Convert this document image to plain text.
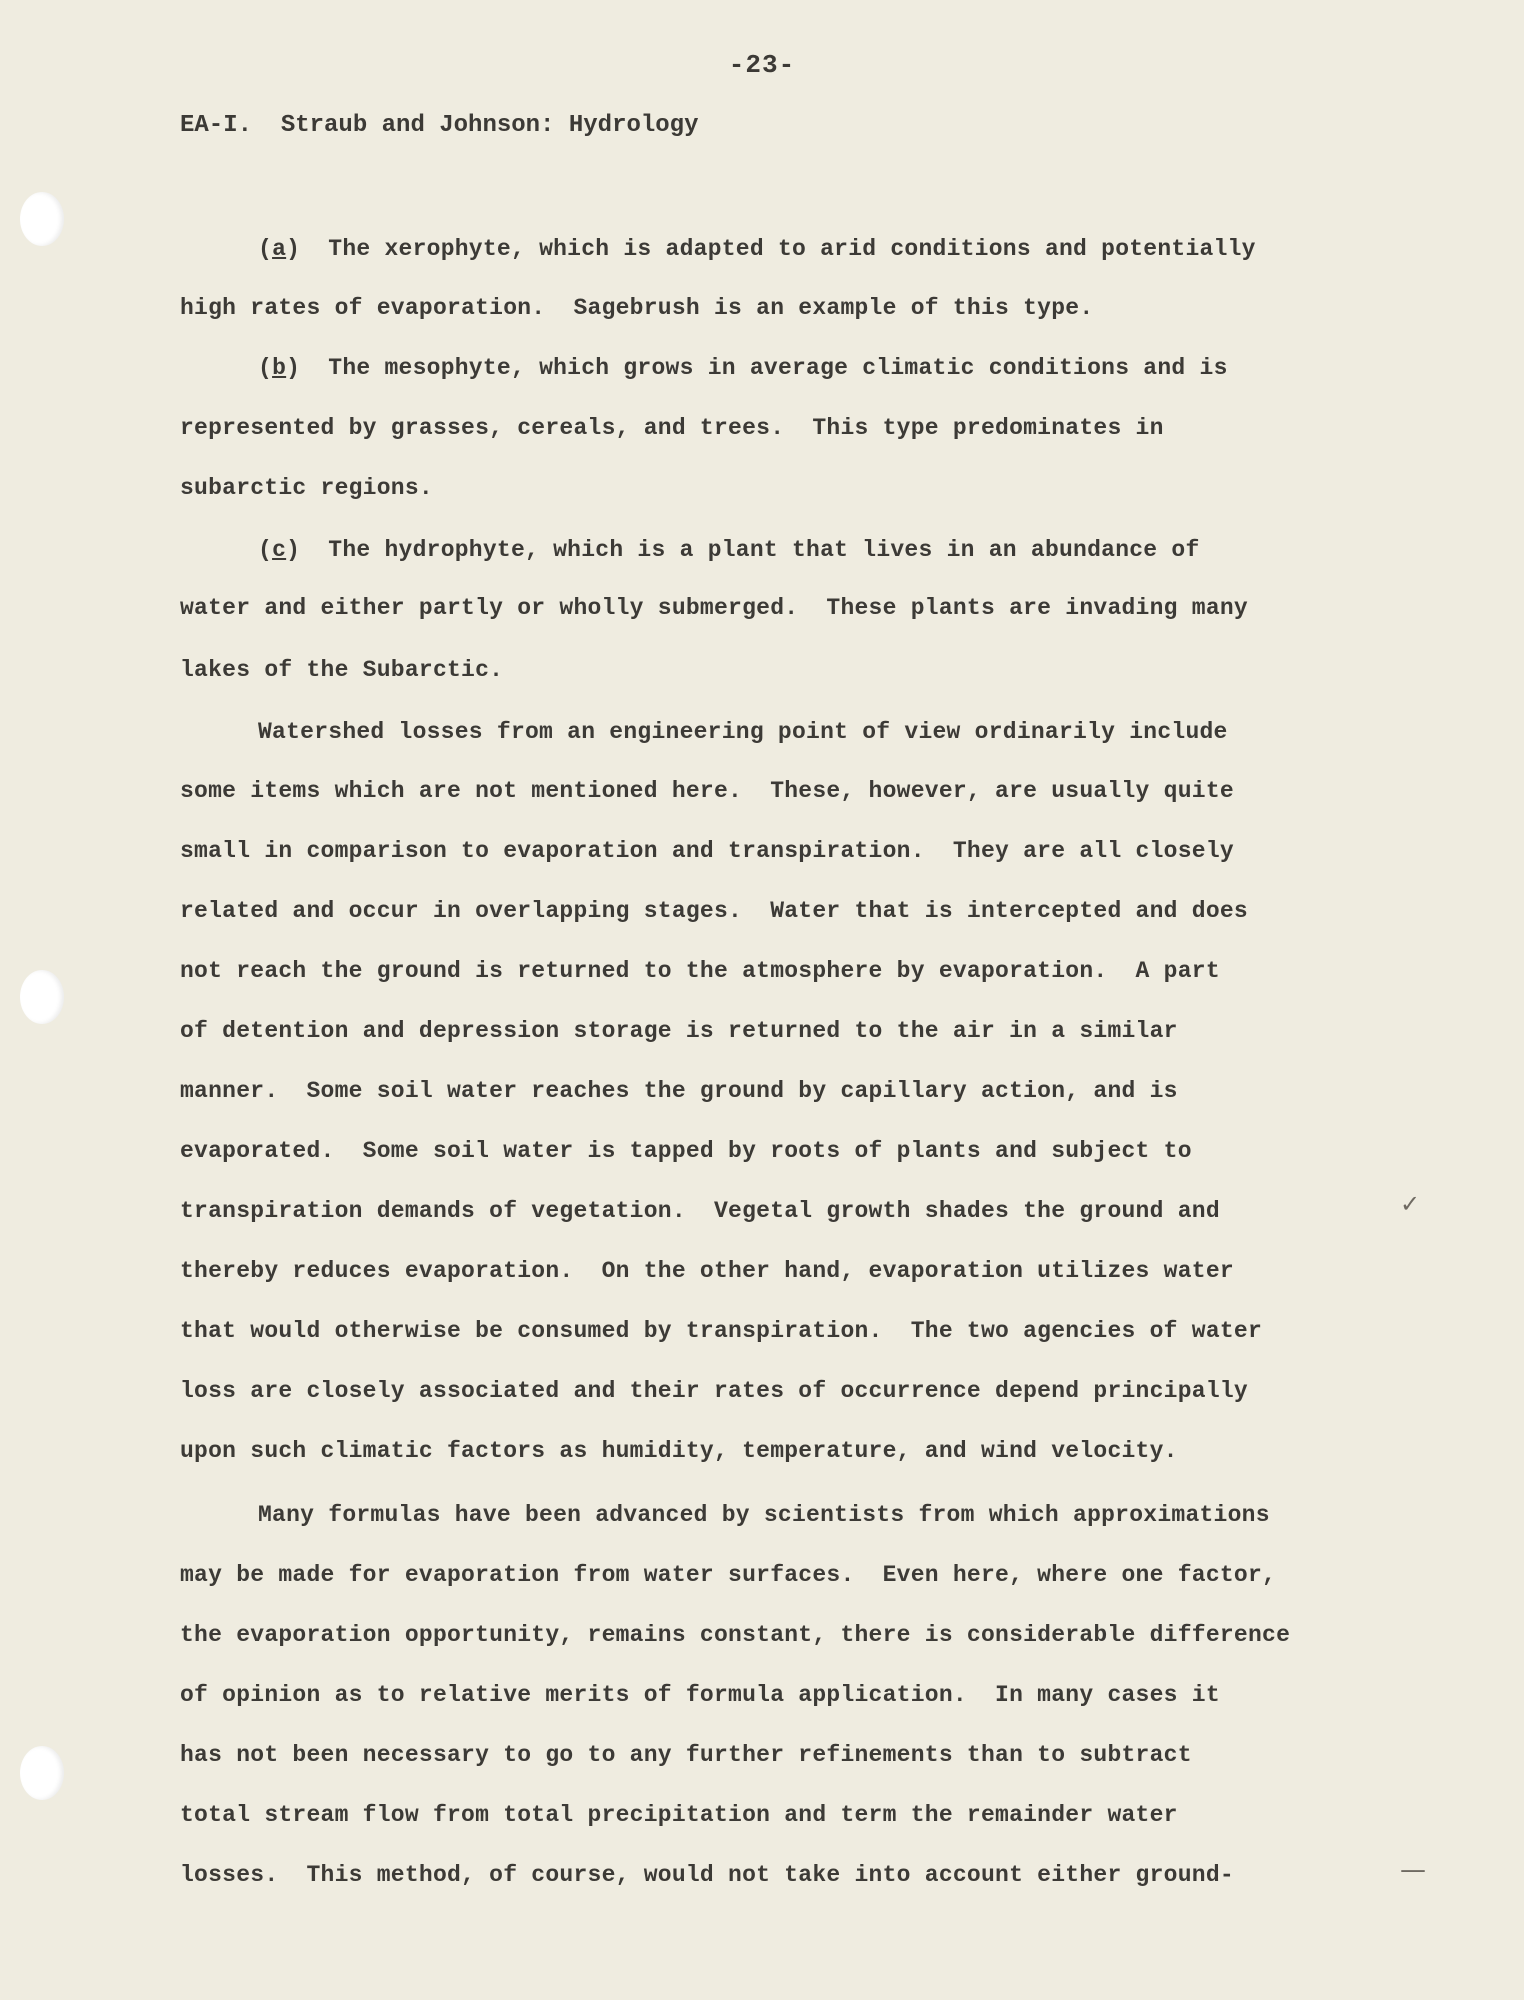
-23-
EA-I.  Straub and Johnson: Hydrology
(a)  The xerophyte, which is adapted to arid conditions and potentially
high rates of evaporation.  Sagebrush is an example of this type.
(b)  The mesophyte, which grows in average climatic conditions and is
represented by grasses, cereals, and trees.  This type predominates in
subarctic regions.
(c)  The hydrophyte, which is a plant that lives in an abundance of
water and either partly or wholly submerged.  These plants are invading many
lakes of the Subarctic.
Watershed losses from an engineering point of view ordinarily include
some items which are not mentioned here.  These, however, are usually quite
small in comparison to evaporation and transpiration.  They are all closely
related and occur in overlapping stages.  Water that is intercepted and does
not reach the ground is returned to the atmosphere by evaporation.  A part
of detention and depression storage is returned to the air in a similar
manner.  Some soil water reaches the ground by capillary action, and is
evaporated.  Some soil water is tapped by roots of plants and subject to
transpiration demands of vegetation.  Vegetal growth shades the ground and
thereby reduces evaporation.  On the other hand, evaporation utilizes water
that would otherwise be consumed by transpiration.  The two agencies of water
loss are closely associated and their rates of occurrence depend principally
upon such climatic factors as humidity, temperature, and wind velocity.
Many formulas have been advanced by scientists from which approximations
may be made for evaporation from water surfaces.  Even here, where one factor,
the evaporation opportunity, remains constant, there is considerable difference
of opinion as to relative merits of formula application.  In many cases it
has not been necessary to go to any further refinements than to subtract
total stream flow from total precipitation and term the remainder water
losses.  This method, of course, would not take into account either ground-
✓
—
